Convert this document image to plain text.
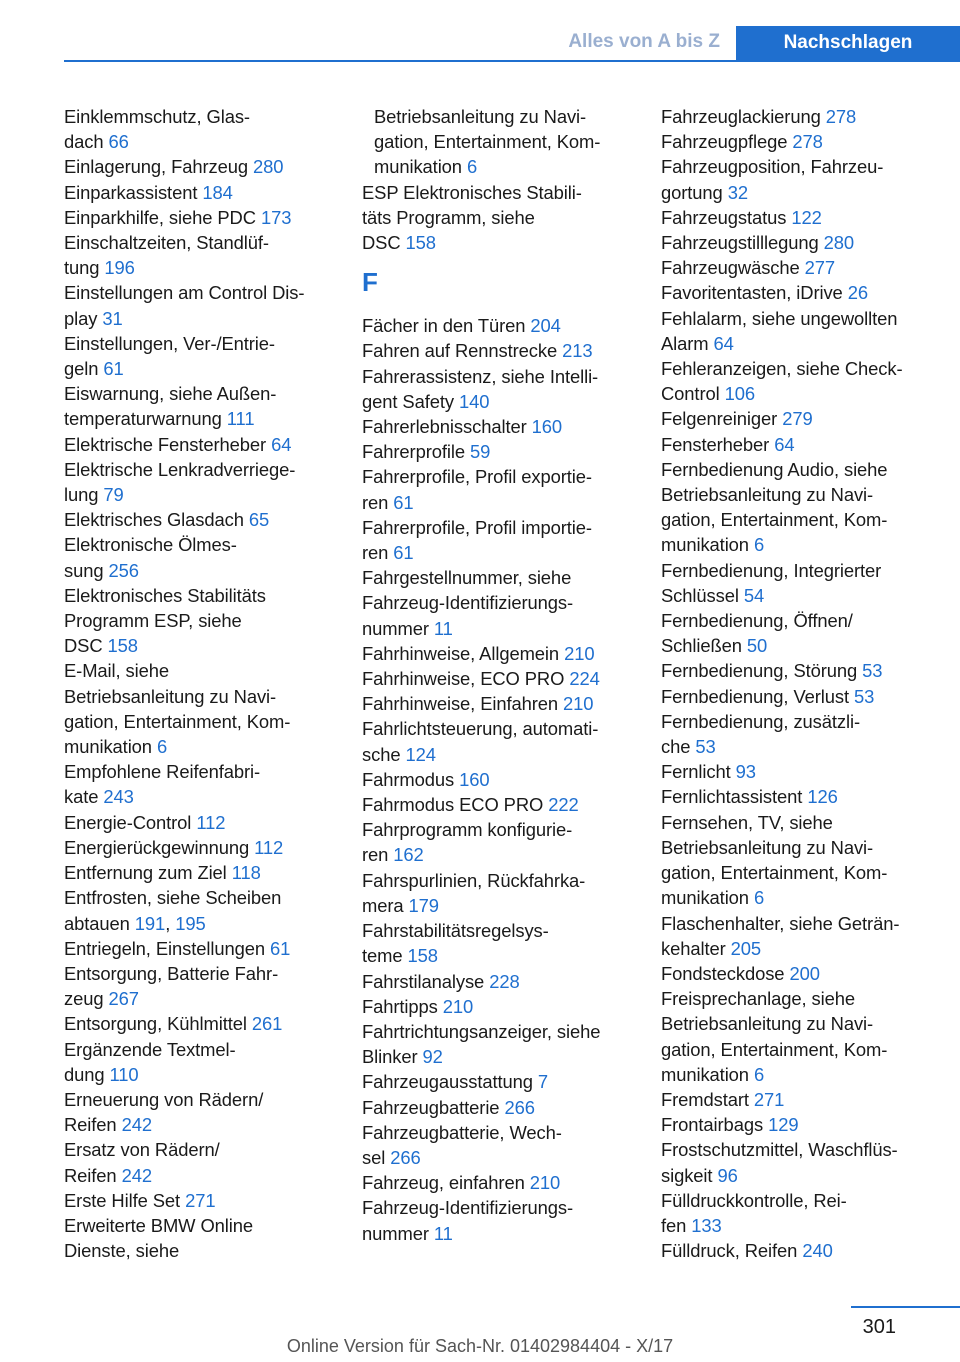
Alles von A bis Z	Nachschlagen
Einklemmschutz, Glas-
dach 66
Einlagerung, Fahrzeug 280
Einparkassistent 184
Einparkhilfe, siehe PDC 173
Einschaltzeiten, Standlüf-
tung 196
Einstellungen am Control Dis-
play 31
Einstellungen, Ver-/Entrie-
geln 61
Eiswarnung, siehe Außen-
temperaturwarnung 111
Elektrische Fensterheber 64
Elektrische Lenkradverriege-
lung 79
Elektrisches Glasdach 65
Elektronische Ölmes-
sung 256
Elektronisches Stabilitäts
Programm ESP, siehe
DSC 158
E-Mail, siehe
Betriebsanleitung zu Navi-
gation, Entertainment, Kom-
munikation 6
Empfohlene Reifenfabri-
kate 243
Energie-Control 112
Energierückgewinnung 112
Entfernung zum Ziel 118
Entfrosten, siehe Scheiben
abtauen 191, 195
Entriegeln, Einstellungen 61
Entsorgung, Batterie Fahr-
zeug 267
Entsorgung, Kühlmittel 261
Ergänzende Textmel-
dung 110
Erneuerung von Rädern/
Reifen 242
Ersatz von Rädern/
Reifen 242
Erste Hilfe Set 271
Erweiterte BMW Online
Dienste, siehe
Betriebsanleitung zu Navi-
gation, Entertainment, Kom-
munikation 6
ESP Elektronisches Stabili-
täts Programm, siehe
DSC 158
F
Fächer in den Türen 204
Fahren auf Rennstrecke 213
Fahrerassistenz, siehe Intelli-
gent Safety 140
Fahrerlebnisschalter 160
Fahrerprofile 59
Fahrerprofile, Profil exportie-
ren 61
Fahrerprofile, Profil importie-
ren 61
Fahrgestellnummer, siehe
Fahrzeug-Identifizierungs-
nummer 11
Fahrhinweise, Allgemein 210
Fahrhinweise, ECO PRO 224
Fahrhinweise, Einfahren 210
Fahrlichtsteuerung, automati-
sche 124
Fahrmodus 160
Fahrmodus ECO PRO 222
Fahrprogramm konfigurie-
ren 162
Fahrspurlinien, Rückfahrka-
mera 179
Fahrstabilitätsregelsys-
teme 158
Fahrstilanalyse 228
Fahrtipps 210
Fahrtrichtungsanzeiger, siehe
Blinker 92
Fahrzeugausstattung 7
Fahrzeugbatterie 266
Fahrzeugbatterie, Wech-
sel 266
Fahrzeug, einfahren 210
Fahrzeug-Identifizierungs-
nummer 11
Fahrzeuglackierung 278
Fahrzeugpflege 278
Fahrzeugposition, Fahrzeu-
gortung 32
Fahrzeugstatus 122
Fahrzeugstilllegung 280
Fahrzeugwäsche 277
Favoritentasten, iDrive 26
Fehlalarm, siehe ungewollten
Alarm 64
Fehleranzeigen, siehe Check-
Control 106
Felgenreiniger 279
Fensterheber 64
Fernbedienung Audio, siehe
Betriebsanleitung zu Navi-
gation, Entertainment, Kom-
munikation 6
Fernbedienung, Integrierter
Schlüssel 54
Fernbedienung, Öffnen/
Schließen 50
Fernbedienung, Störung 53
Fernbedienung, Verlust 53
Fernbedienung, zusätzli-
che 53
Fernlicht 93
Fernlichtassistent 126
Fernsehen, TV, siehe
Betriebsanleitung zu Navi-
gation, Entertainment, Kom-
munikation 6
Flaschenhalter, siehe Geträn-
kehalter 205
Fondsteckdose 200
Freisprechanlage, siehe
Betriebsanleitung zu Navi-
gation, Entertainment, Kom-
munikation 6
Fremdstart 271
Frontairbags 129
Frostschutzmittel, Waschflüs-
sigkeit 96
Fülldruckkontrolle, Rei-
fen 133
Fülldruck, Reifen 240
301
Online Version für Sach-Nr. 01402984404 - X/17
